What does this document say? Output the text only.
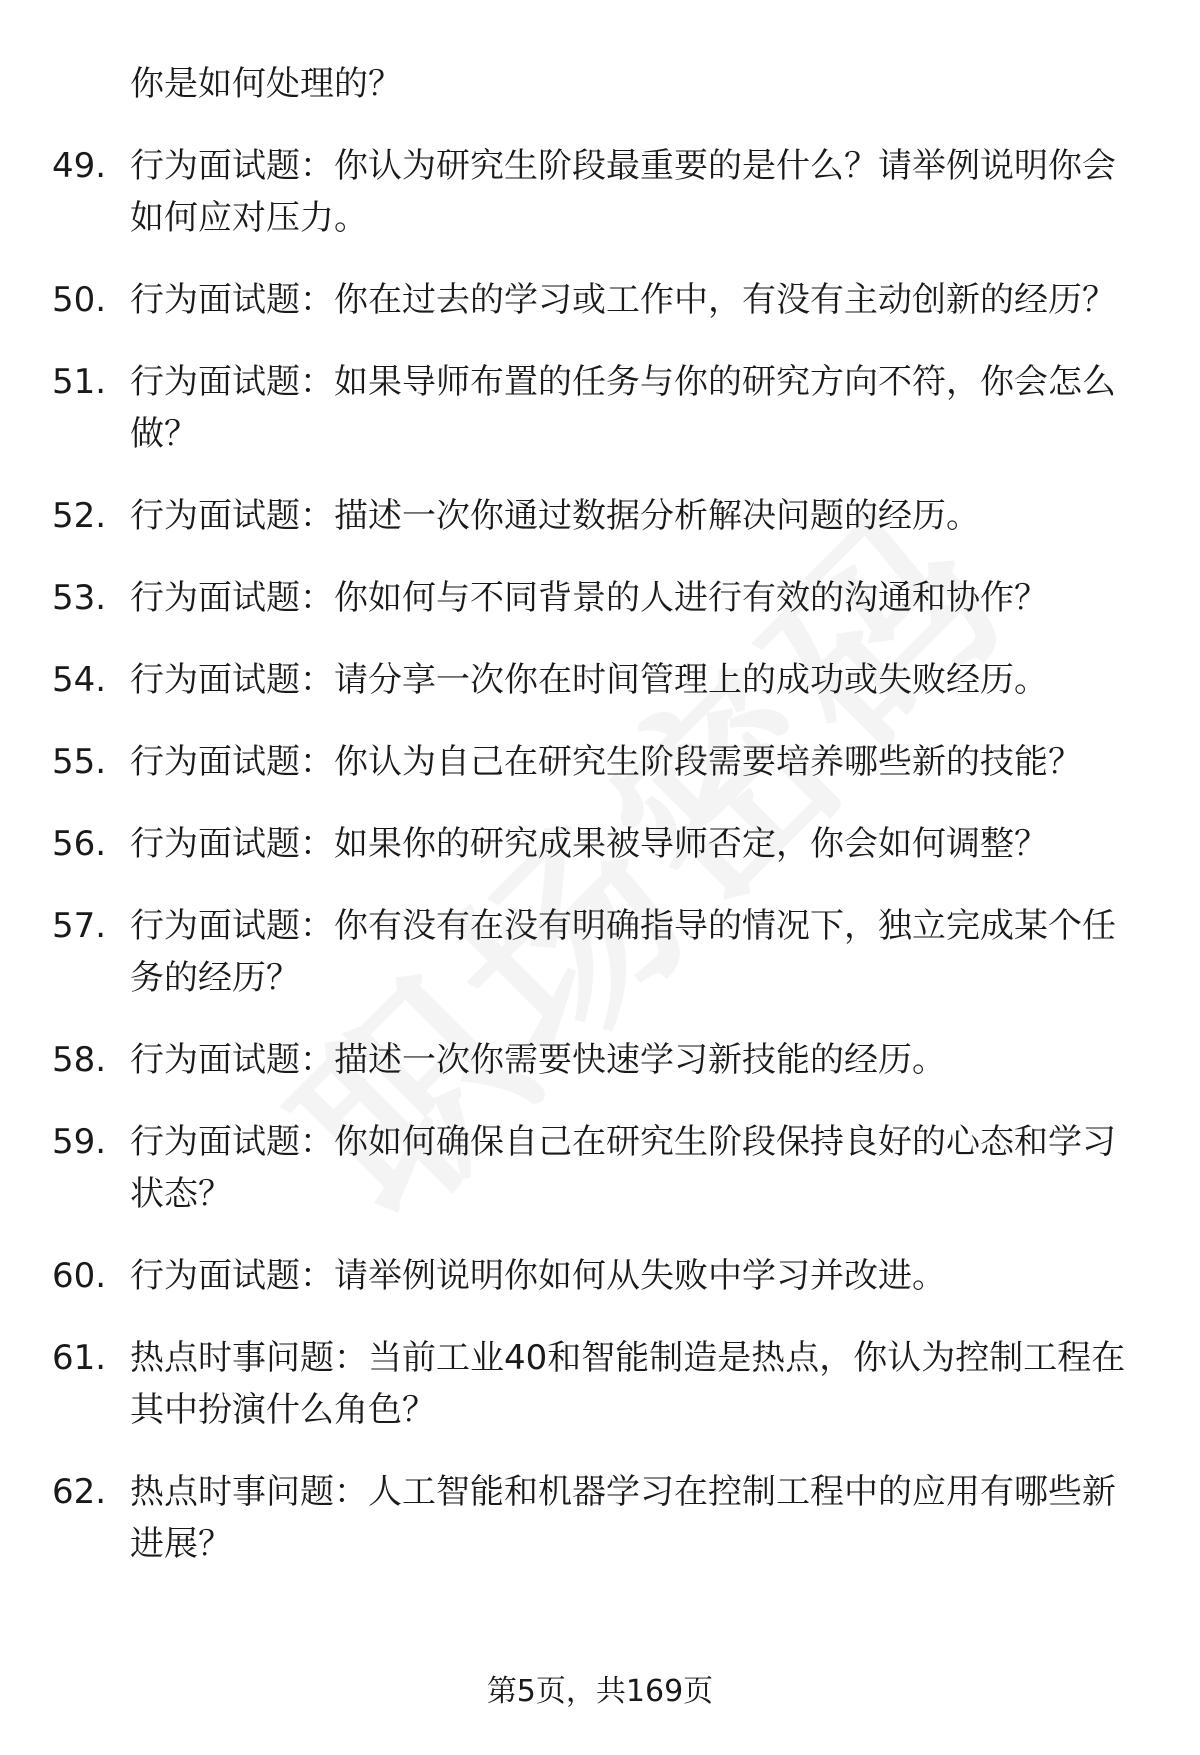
你是如何处理的？
49. 行为面试题：你认为研究生阶段最重要的是什么？请举例说明你会如何应对压力。
50. 行为面试题：你在过去的学习或工作中，有没有主动创新的经历？
51. 行为面试题：如果导师布置的任务与你的研究方向不符，你会怎么做？
52. 行为面试题：描述一次你通过数据分析解决问题的经历。
53. 行为面试题：你如何与不同背景的人进行有效的沟通和协作？
54. 行为面试题：请分享一次你在时间管理上的成功或失败经历。
55. 行为面试题：你认为自己在研究生阶段需要培养哪些新的技能？
56. 行为面试题：如果你的研究成果被导师否定，你会如何调整？
57. 行为面试题：你有没有在没有明确指导的情况下，独立完成某个任务的经历？
58. 行为面试题：描述一次你需要快速学习新技能的经历。
59. 行为面试题：你如何确保自己在研究生阶段保持良好的心态和学习状态？
60. 行为面试题：请举例说明你如何从失败中学习并改进。
61. 热点时事问题：当前工业40和智能制造是热点，你认为控制工程在其中扮演什么角色？
62. 热点时事问题：人工智能和机器学习在控制工程中的应用有哪些新进展？
第5页，共169页
